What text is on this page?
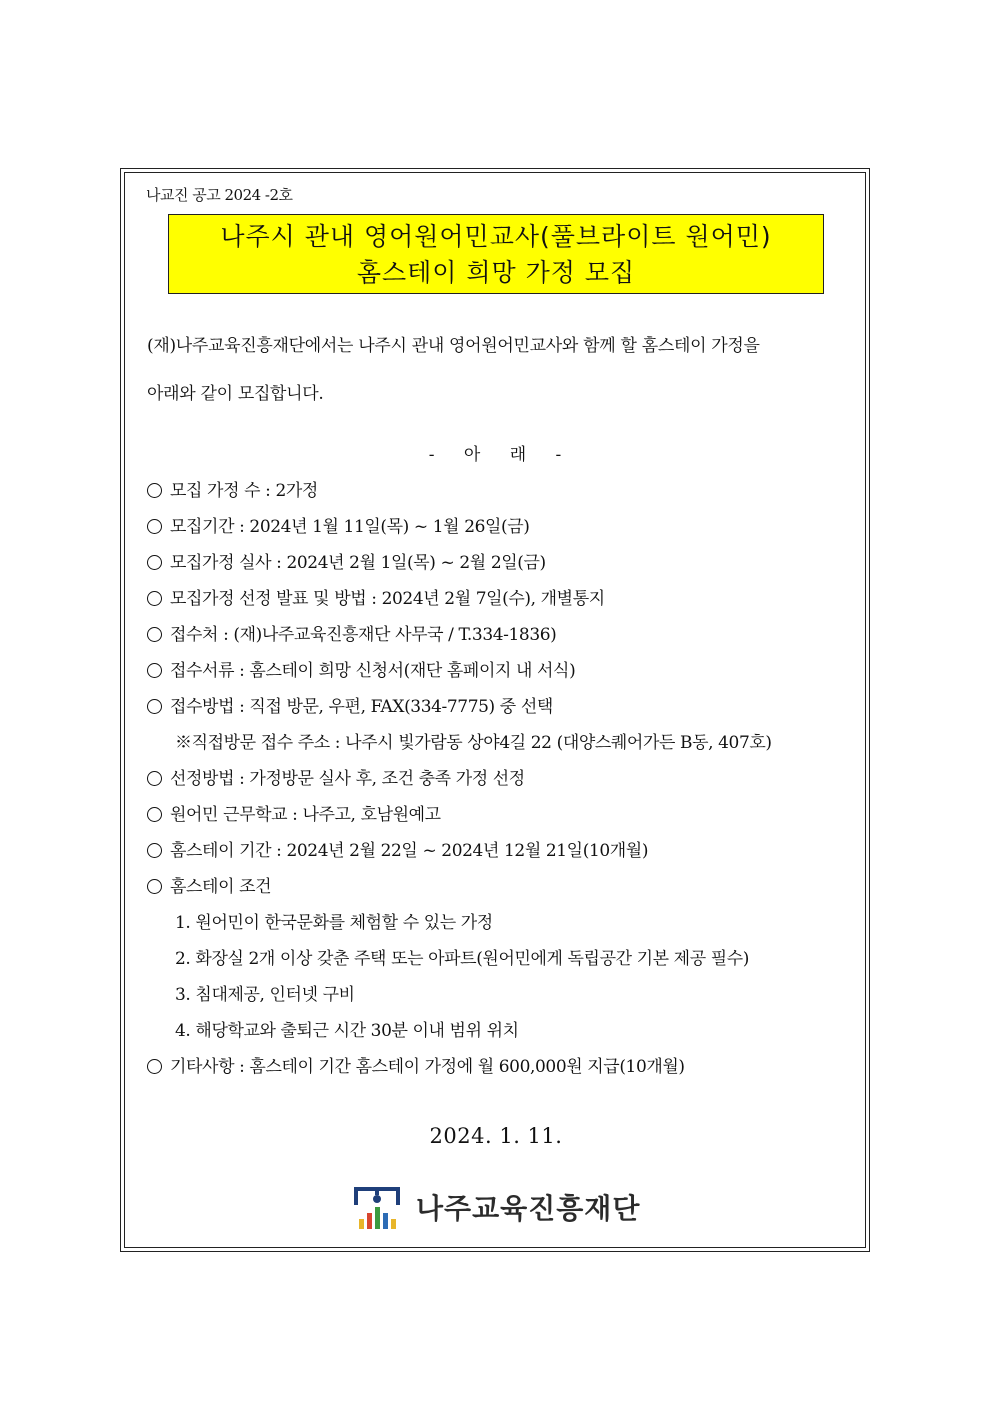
나교진 공고 2024 -2호
나주시 관내 영어원어민교사(풀브라이트 원어민)
홈스테이 희망 가정 모집
(재)나주교육진흥재단에서는 나주시 관내 영어원어민교사와 함께 할 홈스테이 가정을
아래와 같이 모집합니다.
- 아 래 -
모집 가정 수 : 2가정
모집기간 : 2024년 1월 11일(목) ~ 1월 26일(금)
모집가정 실사 : 2024년 2월 1일(목) ~ 2월 2일(금)
모집가정 선정 발표 및 방법 : 2024년 2월 7일(수), 개별통지
접수처 : (재)나주교육진흥재단 사무국 / T.334-1836)
접수서류 : 홈스테이 희망 신청서(재단 홈페이지 내 서식)
접수방법 : 직접 방문, 우편, FAX(334-7775) 중 선택
※직접방문 접수 주소 : 나주시 빛가람동 상야4길 22 (대양스퀘어가든 B동, 407호)
선정방법 : 가정방문 실사 후, 조건 충족 가정 선정
원어민 근무학교 : 나주고, 호남원예고
홈스테이 기간 : 2024년 2월 22일 ~ 2024년 12월 21일(10개월)
홈스테이 조건
1. 원어민이 한국문화를 체험할 수 있는 가정
2. 화장실 2개 이상 갖춘 주택 또는 아파트(원어민에게 독립공간 기본 제공 필수)
3. 침대제공, 인터넷 구비
4. 해당학교와 출퇴근 시간 30분 이내 범위 위치
기타사항 : 홈스테이 기간 홈스테이 가정에 월 600,000원 지급(10개월)
2024. 1. 11.
나주교육진흥재단
